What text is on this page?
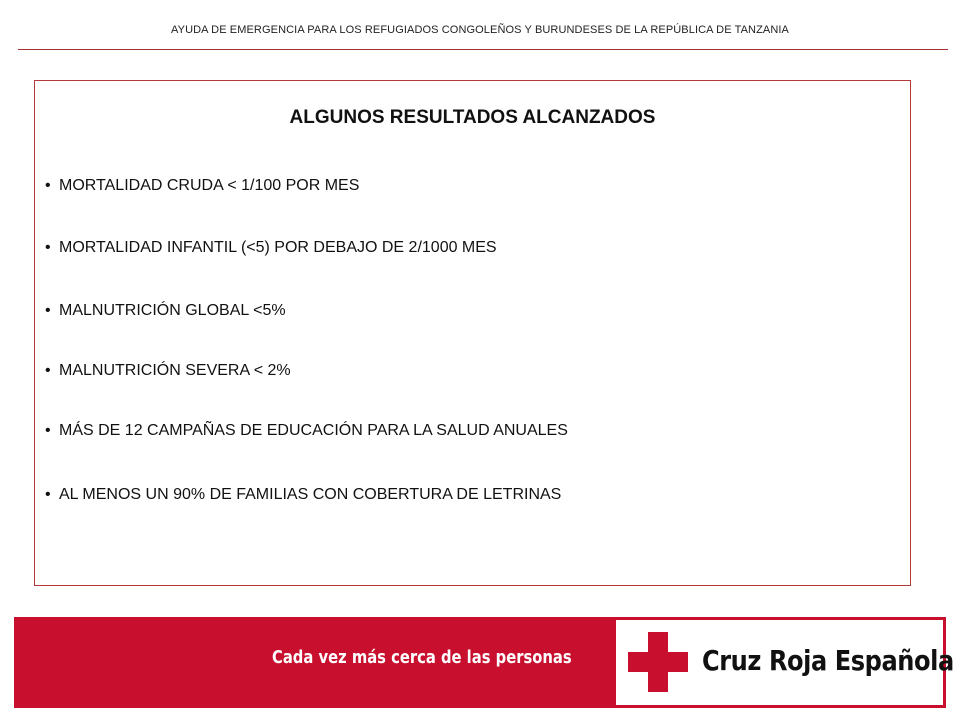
AYUDA DE EMERGENCIA PARA LOS REFUGIADOS CONGOLEÑOS Y BURUNDESES DE LA REPÚBLICA DE TANZANIA
ALGUNOS RESULTADOS ALCANZADOS
• MORTALIDAD CRUDA < 1/100 POR MES
• MORTALIDAD INFANTIL (<5) POR DEBAJO DE 2/1000 MES
• MALNUTRICIÓN GLOBAL <5%
• MALNUTRICIÓN SEVERA < 2%
• MÁS DE 12 CAMPAÑAS DE EDUCACIÓN PARA LA SALUD ANUALES
• AL MENOS UN 90% DE FAMILIAS CON COBERTURA DE LETRINAS
Cada vez más cerca de las personas	Cruz Roja Española
